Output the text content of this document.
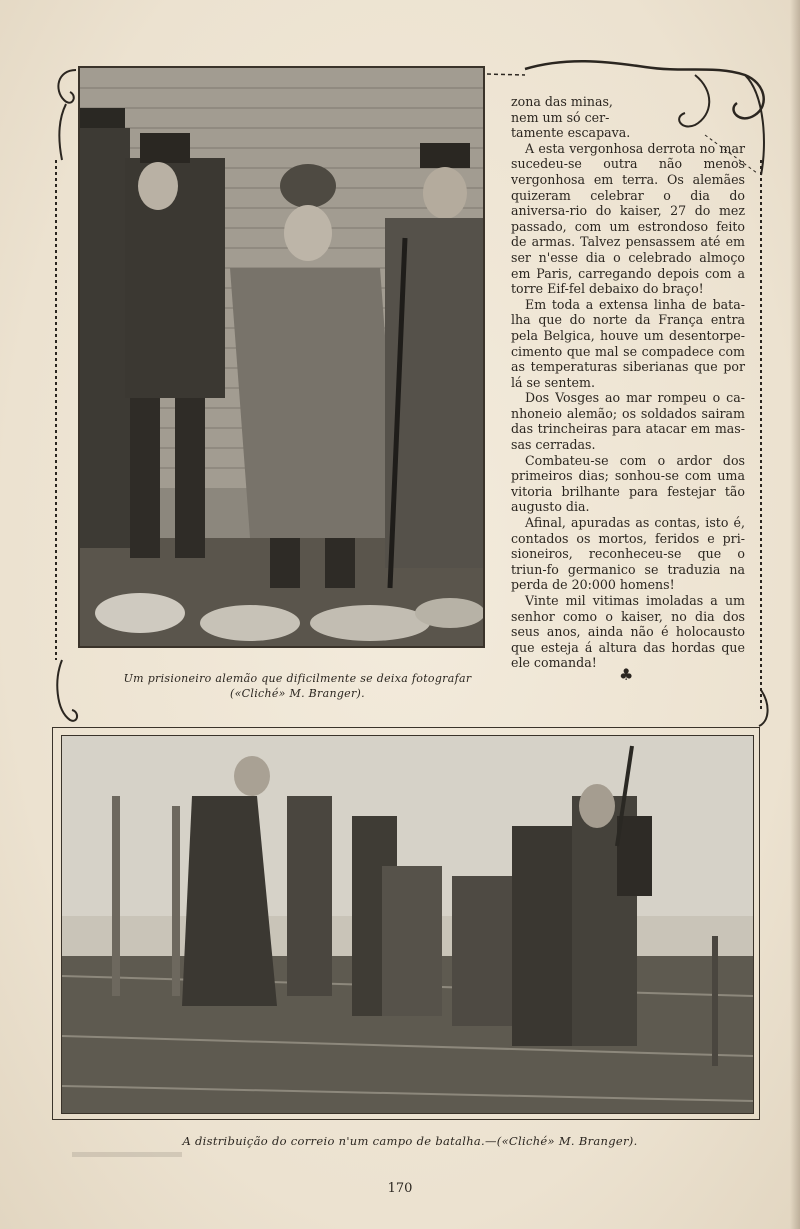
Um prisioneiro alemão que dificilmente se deixa fotografar
(«Cliché» M. Branger).
zona das minas,
nem um só cer-
tamente escapava.

A esta vergonhosa derrota no mar sucedeu-se outra não menos vergonhosa em terra. Os alemães quizeram celebrar o dia do aniversa-rio do kaiser, 27 do mez passado, com um estrondoso feito de armas. Talvez pensassem até em ser n'esse dia o celebrado almoço em Paris, carregando depois com a torre Eif-fel debaixo do braço!

Em toda a extensa linha de bata-lha que do norte da França entra pela Belgica, houve um desentorpe-cimento que mal se compadece com as temperaturas siberianas que por lá se sentem.

Dos Vosges ao mar rompeu o ca-nhoneio alemão; os soldados sairam das trincheiras para atacar em mas-sas cerradas.

Combateu-se com o ardor dos primeiros dias; sonhou-se com uma vitoria brilhante para festejar tão augusto dia.

Afinal, apuradas as contas, isto é, contados os mortos, feridos e pri-sioneiros, reconheceu-se que o triun-fo germanico se traduzia na perda de 20:000 homens!

Vinte mil vitimas imoladas a um senhor como o kaiser, no dia dos seus anos, ainda não é holocausto que esteja á altura das hordas que ele comanda!

♣
A distribuição do correio n'um campo de batalha.—(«Cliché» M. Branger).
170
